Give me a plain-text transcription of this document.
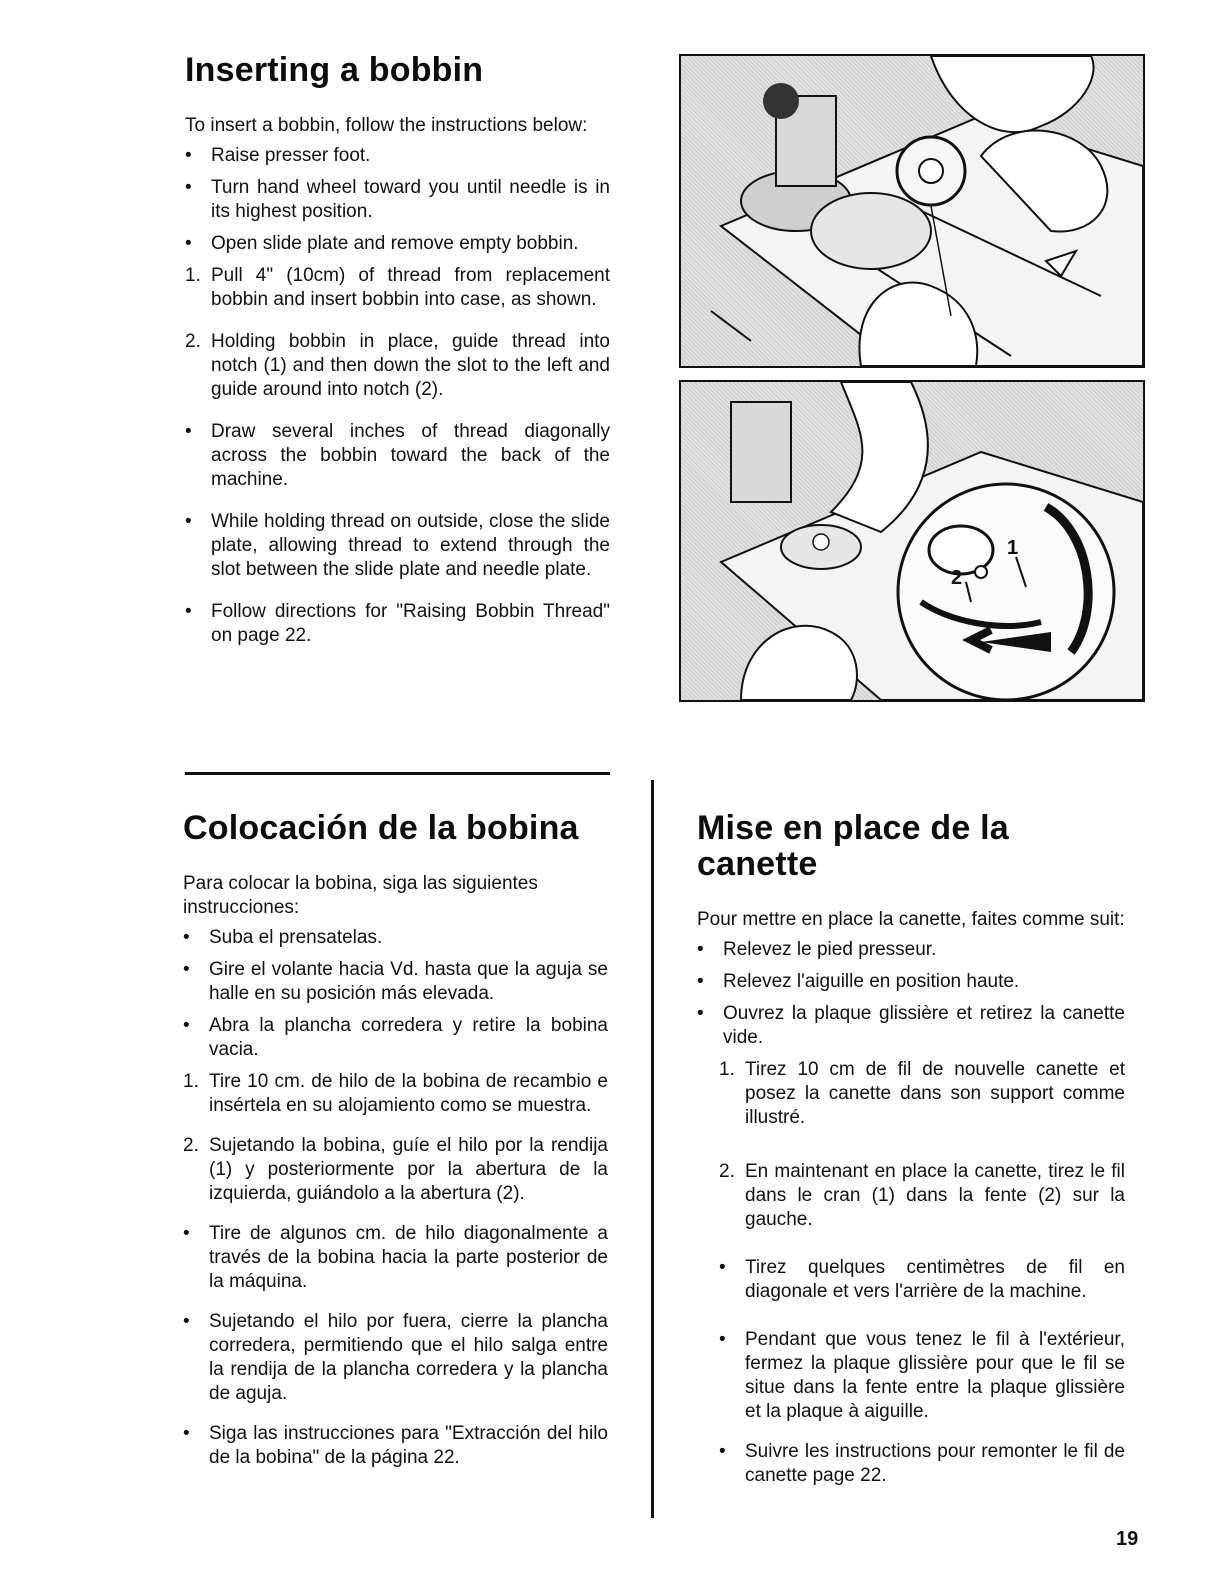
Inserting a bobbin

To insert a bobbin, follow the instructions below:

•	Raise presser foot.
•	Turn hand wheel toward you until needle is in its highest position.
•	Open slide plate and remove empty bobbin.
1. Pull 4" (10cm) of thread from replacement bobbin and insert bobbin into case, as shown.
2. Holding bobbin in place, guide thread into notch (1) and then down the slot to the left and guide around into notch (2).
•	Draw several inches of thread diagonally across the bobbin toward the back of the machine.
•	While holding thread on outside, close the slide plate, allowing thread to extend through the slot between the slide plate and needle plate.
•	Follow directions for "Raising Bobbin Thread" on page 22.
1
2
Colocación de la bobina

Para colocar la bobina, siga las siguientes instrucciones:

•	Suba el prensatelas.
•	Gire el volante hacia Vd. hasta que la aguja se halle en su posición más elevada.
•	Abra la plancha corredera y retire la bobina vacia.
1. Tire 10 cm. de hilo de la bobina de recambio e insértela en su alojamiento como se muestra.
2. Sujetando la bobina, guíe el hilo por la rendija (1) y posteriormente por la abertura de la izquierda, guiándolo a la abertura (2).
•	Tire de algunos cm. de hilo diagonalmente a través de la bobina hacia la parte posterior de la máquina.
•	Sujetando el hilo por fuera, cierre la plancha corredera, permitiendo que el hilo salga entre la rendija de la plancha corredera y la plancha de aguja.
•	Siga las instrucciones para "Extracción del hilo de la bobina" de la página 22.
Mise en place de la canette

Pour mettre en place la canette, faites comme suit:

•	Relevez le pied presseur.
•	Relevez l'aiguille en position haute.
•	Ouvrez la plaque glissière et retirez la canette vide.
1. Tirez 10 cm de fil de nouvelle canette et posez la canette dans son support comme illustré.
2. En maintenant en place la canette, tirez le fil dans le cran (1) dans la fente (2) sur la gauche.
•	Tirez quelques centimètres de fil en diagonale et vers l'arrière de la machine.
•	Pendant que vous tenez le fil à l'extérieur, fermez la plaque glissière pour que le fil se situe dans la fente entre la plaque glissière et la plaque à aiguille.
•	Suivre les instructions pour remonter le fil de canette page 22.
19
